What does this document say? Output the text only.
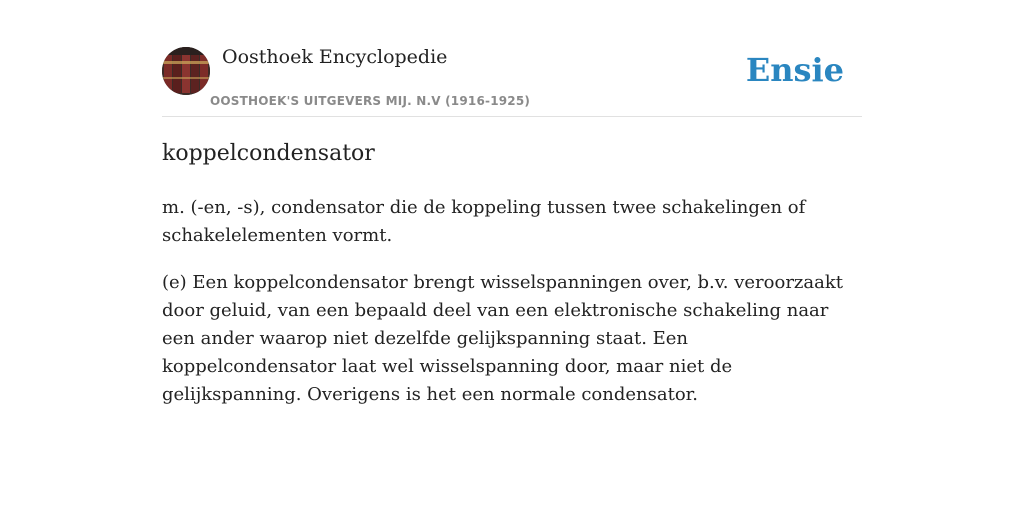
Oosthoek Encyclopedie
OOSTHOEK'S UITGEVERS MIJ. N.V (1916-1925)
Ensie
koppelcondensator

m. (-en, -s), condensator die de koppeling tussen twee schakelingen of schakelelementen vormt.

(e) Een koppelcondensator brengt wisselspanningen over, b.v. veroorzaakt door geluid, van een bepaald deel van een elektronische schakeling naar een ander waarop niet dezelfde gelijkspanning staat. Een koppelcondensator laat wel wisselspanning door, maar niet de gelijkspanning. Overigens is het een normale condensator.
